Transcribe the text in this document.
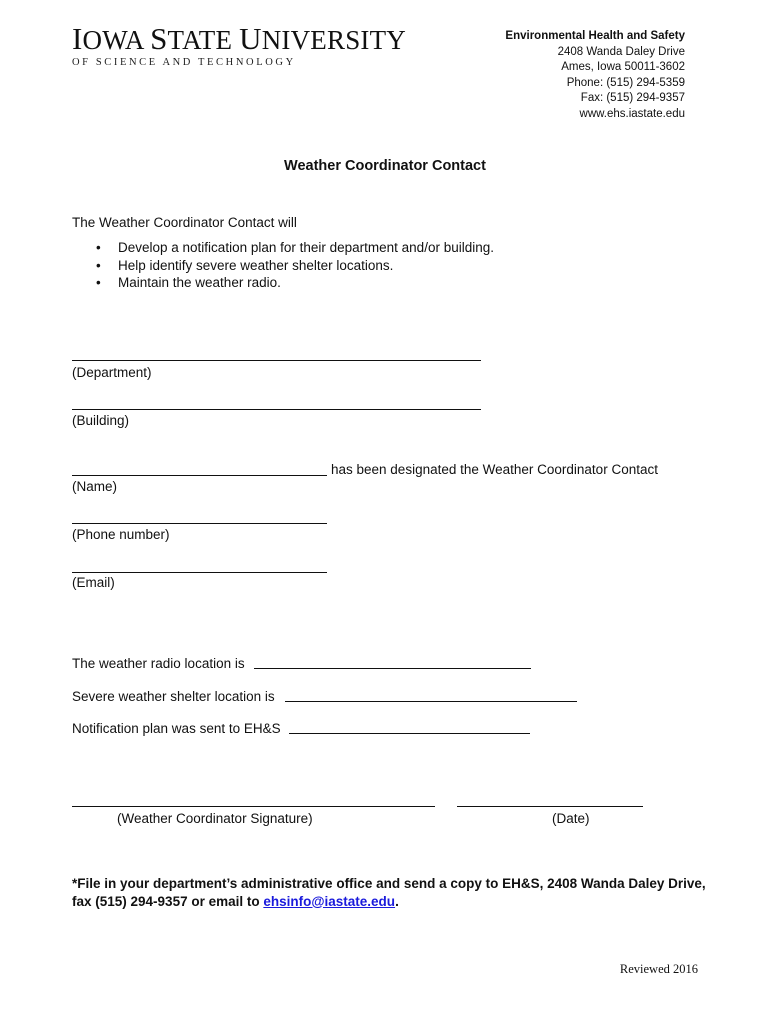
IOWA STATE UNIVERSITY
OF SCIENCE AND TECHNOLOGY
Environmental Health and Safety
2408 Wanda Daley Drive
Ames, Iowa 50011-3602
Phone: (515) 294-5359
Fax: (515) 294-9357
www.ehs.iastate.edu
Weather Coordinator Contact
The Weather Coordinator Contact will
• Develop a notification plan for their department and/or building.
• Help identify severe weather shelter locations.
• Maintain the weather radio.
(Department)
(Building)
has been designated the Weather Coordinator Contact
(Name)
(Phone number)
(Email)
The weather radio location is
Severe weather shelter location is
Notification plan was sent to EH&S
(Weather Coordinator Signature)	(Date)
*File in your department’s administrative office and send a copy to EH&S, 2408 Wanda Daley Drive, fax (515) 294-9357 or email to ehsinfo@iastate.edu.
Reviewed 2016
